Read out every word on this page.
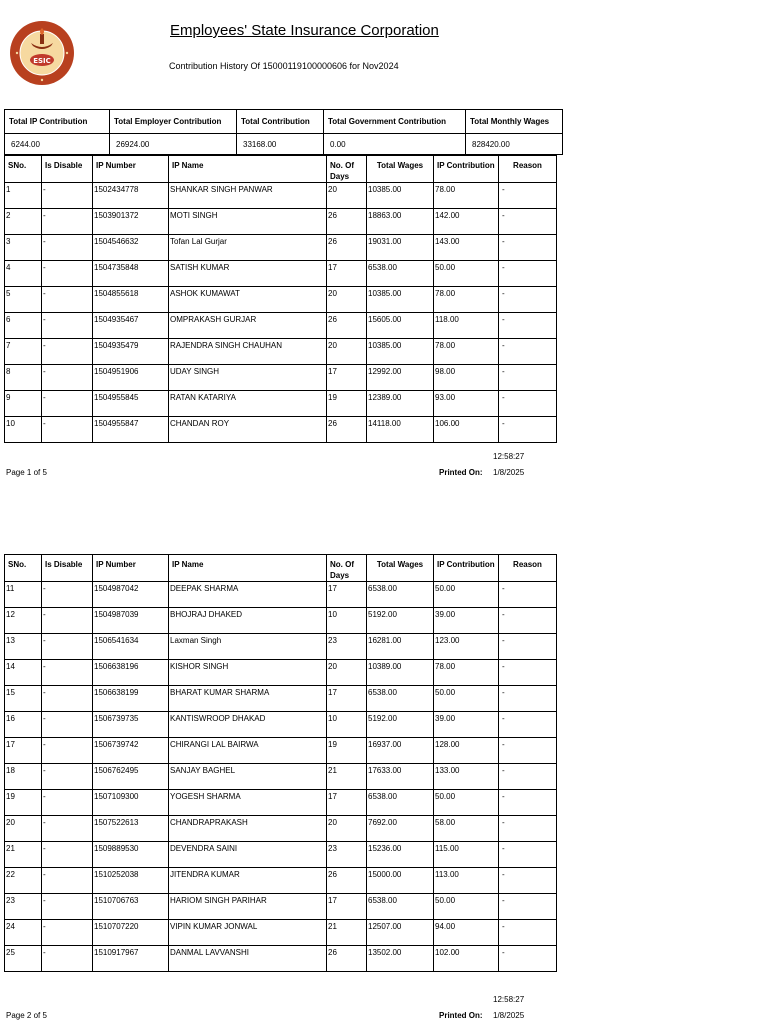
ESIC
Employees' State Insurance Corporation
Contribution History Of 15000119100000606 for Nov2024
Total IP Contribution	Total Employer Contribution	Total Contribution	Total Government Contribution	Total Monthly Wages
6244.00	26924.00	33168.00	0.00	828420.00
SNo.	Is Disable	IP Number	IP Name	No. Of Days	Total Wages	IP Contribution	Reason
1	-	1502434778	SHANKAR SINGH PANWAR	20	10385.00	78.00	-
2	-	1503901372	MOTI SINGH	26	18863.00	142.00	-
3	-	1504546632	Tofan Lal Gurjar	26	19031.00	143.00	-
4	-	1504735848	SATISH KUMAR	17	6538.00	50.00	-
5	-	1504855618	ASHOK KUMAWAT	20	10385.00	78.00	-
6	-	1504935467	OMPRAKASH GURJAR	26	15605.00	118.00	-
7	-	1504935479	RAJENDRA SINGH CHAUHAN	20	10385.00	78.00	-
8	-	1504951906	UDAY SINGH	17	12992.00	98.00	-
9	-	1504955845	RATAN KATARIYA	19	12389.00	93.00	-
10	-	1504955847	CHANDAN ROY	26	14118.00	106.00	-
12:58:27
Page 1 of 5	Printed On: 1/8/2025
SNo.	Is Disable	IP Number	IP Name	No. Of Days	Total Wages	IP Contribution	Reason
11	-	1504987042	DEEPAK SHARMA	17	6538.00	50.00	-
12	-	1504987039	BHOJRAJ DHAKED	10	5192.00	39.00	-
13	-	1506541634	Laxman Singh	23	16281.00	123.00	-
14	-	1506638196	KISHOR SINGH	20	10389.00	78.00	-
15	-	1506638199	BHARAT KUMAR SHARMA	17	6538.00	50.00	-
16	-	1506739735	KANTISWROOP DHAKAD	10	5192.00	39.00	-
17	-	1506739742	CHIRANGI LAL BAIRWA	19	16937.00	128.00	-
18	-	1506762495	SANJAY BAGHEL	21	17633.00	133.00	-
19	-	1507109300	YOGESH SHARMA	17	6538.00	50.00	-
20	-	1507522613	CHANDRAPRAKASH	20	7692.00	58.00	-
21	-	1509889530	DEVENDRA SAINI	23	15236.00	115.00	-
22	-	1510252038	JITENDRA KUMAR	26	15000.00	113.00	-
23	-	1510706763	HARIOM SINGH PARIHAR	17	6538.00	50.00	-
24	-	1510707220	VIPIN KUMAR JONWAL	21	12507.00	94.00	-
25	-	1510917967	DANMAL LAVVANSHI	26	13502.00	102.00	-
12:58:27
Page 2 of 5	Printed On: 1/8/2025
